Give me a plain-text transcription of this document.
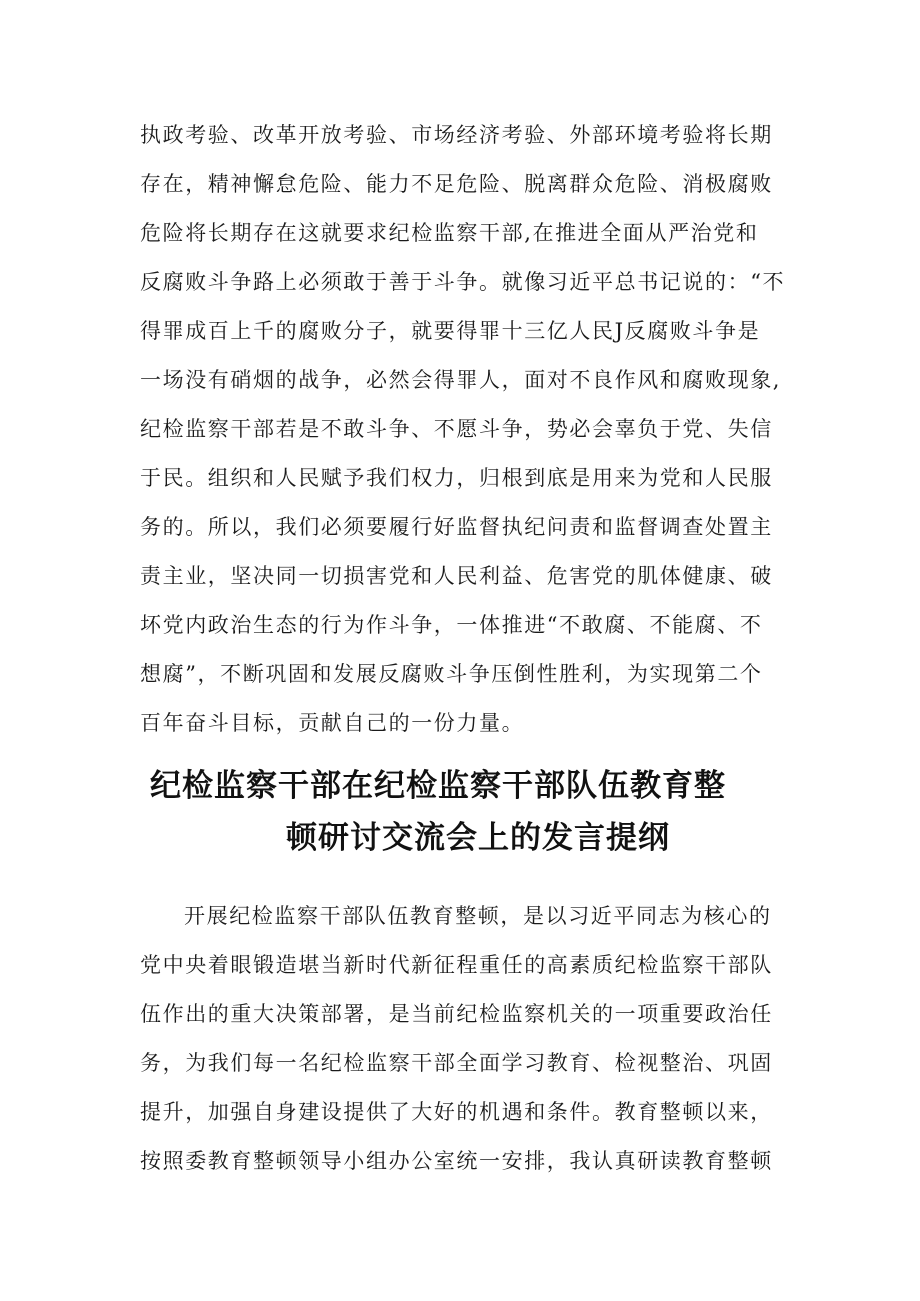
执政考验、改革开放考验、市场经济考验、外部环境考验将长期
存在，精神懈怠危险、能力不足危险、脱离群众危险、消极腐败
危险将长期存在这就要求纪检监察干部,在推进全面从严治党和
反腐败斗争路上必须敢于善于斗争。就像习近平总书记说的：“不
得罪成百上千的腐败分子，就要得罪十三亿人民J反腐败斗争是
一场没有硝烟的战争，必然会得罪人，面对不良作风和腐败现象,
纪检监察干部若是不敢斗争、不愿斗争，势必会辜负于党、失信
于民。组织和人民赋予我们权力，归根到底是用来为党和人民服
务的。所以，我们必须要履行好监督执纪问责和监督调查处置主
责主业，坚决同一切损害党和人民利益、危害党的肌体健康、破
坏党内政治生态的行为作斗争，一体推进“不敢腐、不能腐、不
想腐”，不断巩固和发展反腐败斗争压倒性胜利，为实现第二个
百年奋斗目标，贡献自己的一份力量。
纪检监察干部在纪检监察干部队伍教育整
顿研讨交流会上的发言提纲
开展纪检监察干部队伍教育整顿，是以习近平同志为核心的
党中央着眼锻造堪当新时代新征程重任的高素质纪检监察干部队
伍作出的重大决策部署，是当前纪检监察机关的一项重要政治任
务，为我们每一名纪检监察干部全面学习教育、检视整治、巩固
提升，加强自身建设提供了大好的机遇和条件。教育整顿以来，
按照委教育整顿领导小组办公室统一安排，我认真研读教育整顿
